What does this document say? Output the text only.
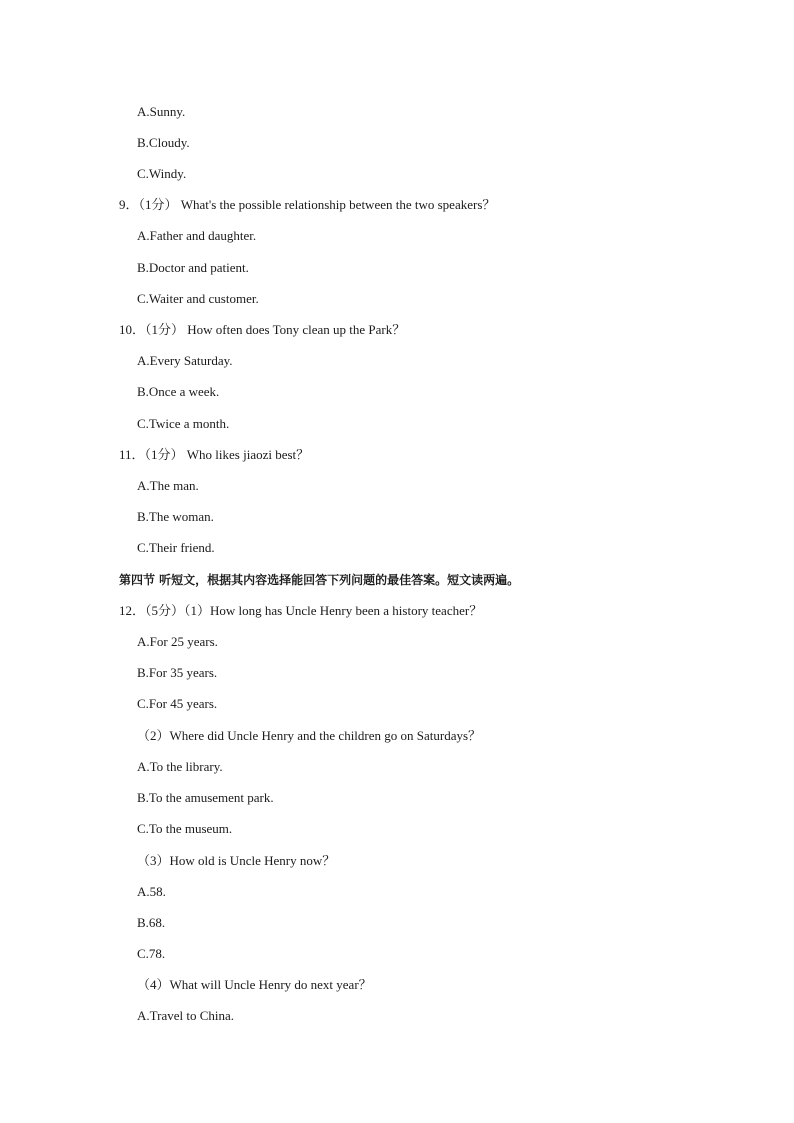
A.Sunny.
B.Cloudy.
C.Windy.
9．（1分） What's the possible relationship between the two speakers？
A.Father and daughter.
B.Doctor and patient.
C.Waiter and customer.
10．（1分） How often does Tony clean up the Park？
A.Every Saturday.
B.Once a week.
C.Twice a month.
11．（1分） Who likes jiaozi best？
A.The man.
B.The woman.
C.Their friend.
第四节 听短文，根据其内容选择能回答下列问题的最佳答案。短文读两遍。
12．（5分）（1）How long has Uncle Henry been a history teacher？
A.For 25 years.
B.For 35 years.
C.For 45 years.
（2）Where did Uncle Henry and the children go on Saturdays？
A.To the library.
B.To the amusement park.
C.To the museum.
（3）How old is Uncle Henry now？
A.58.
B.68.
C.78.
（4）What will Uncle Henry do next year？
A.Travel to China.
